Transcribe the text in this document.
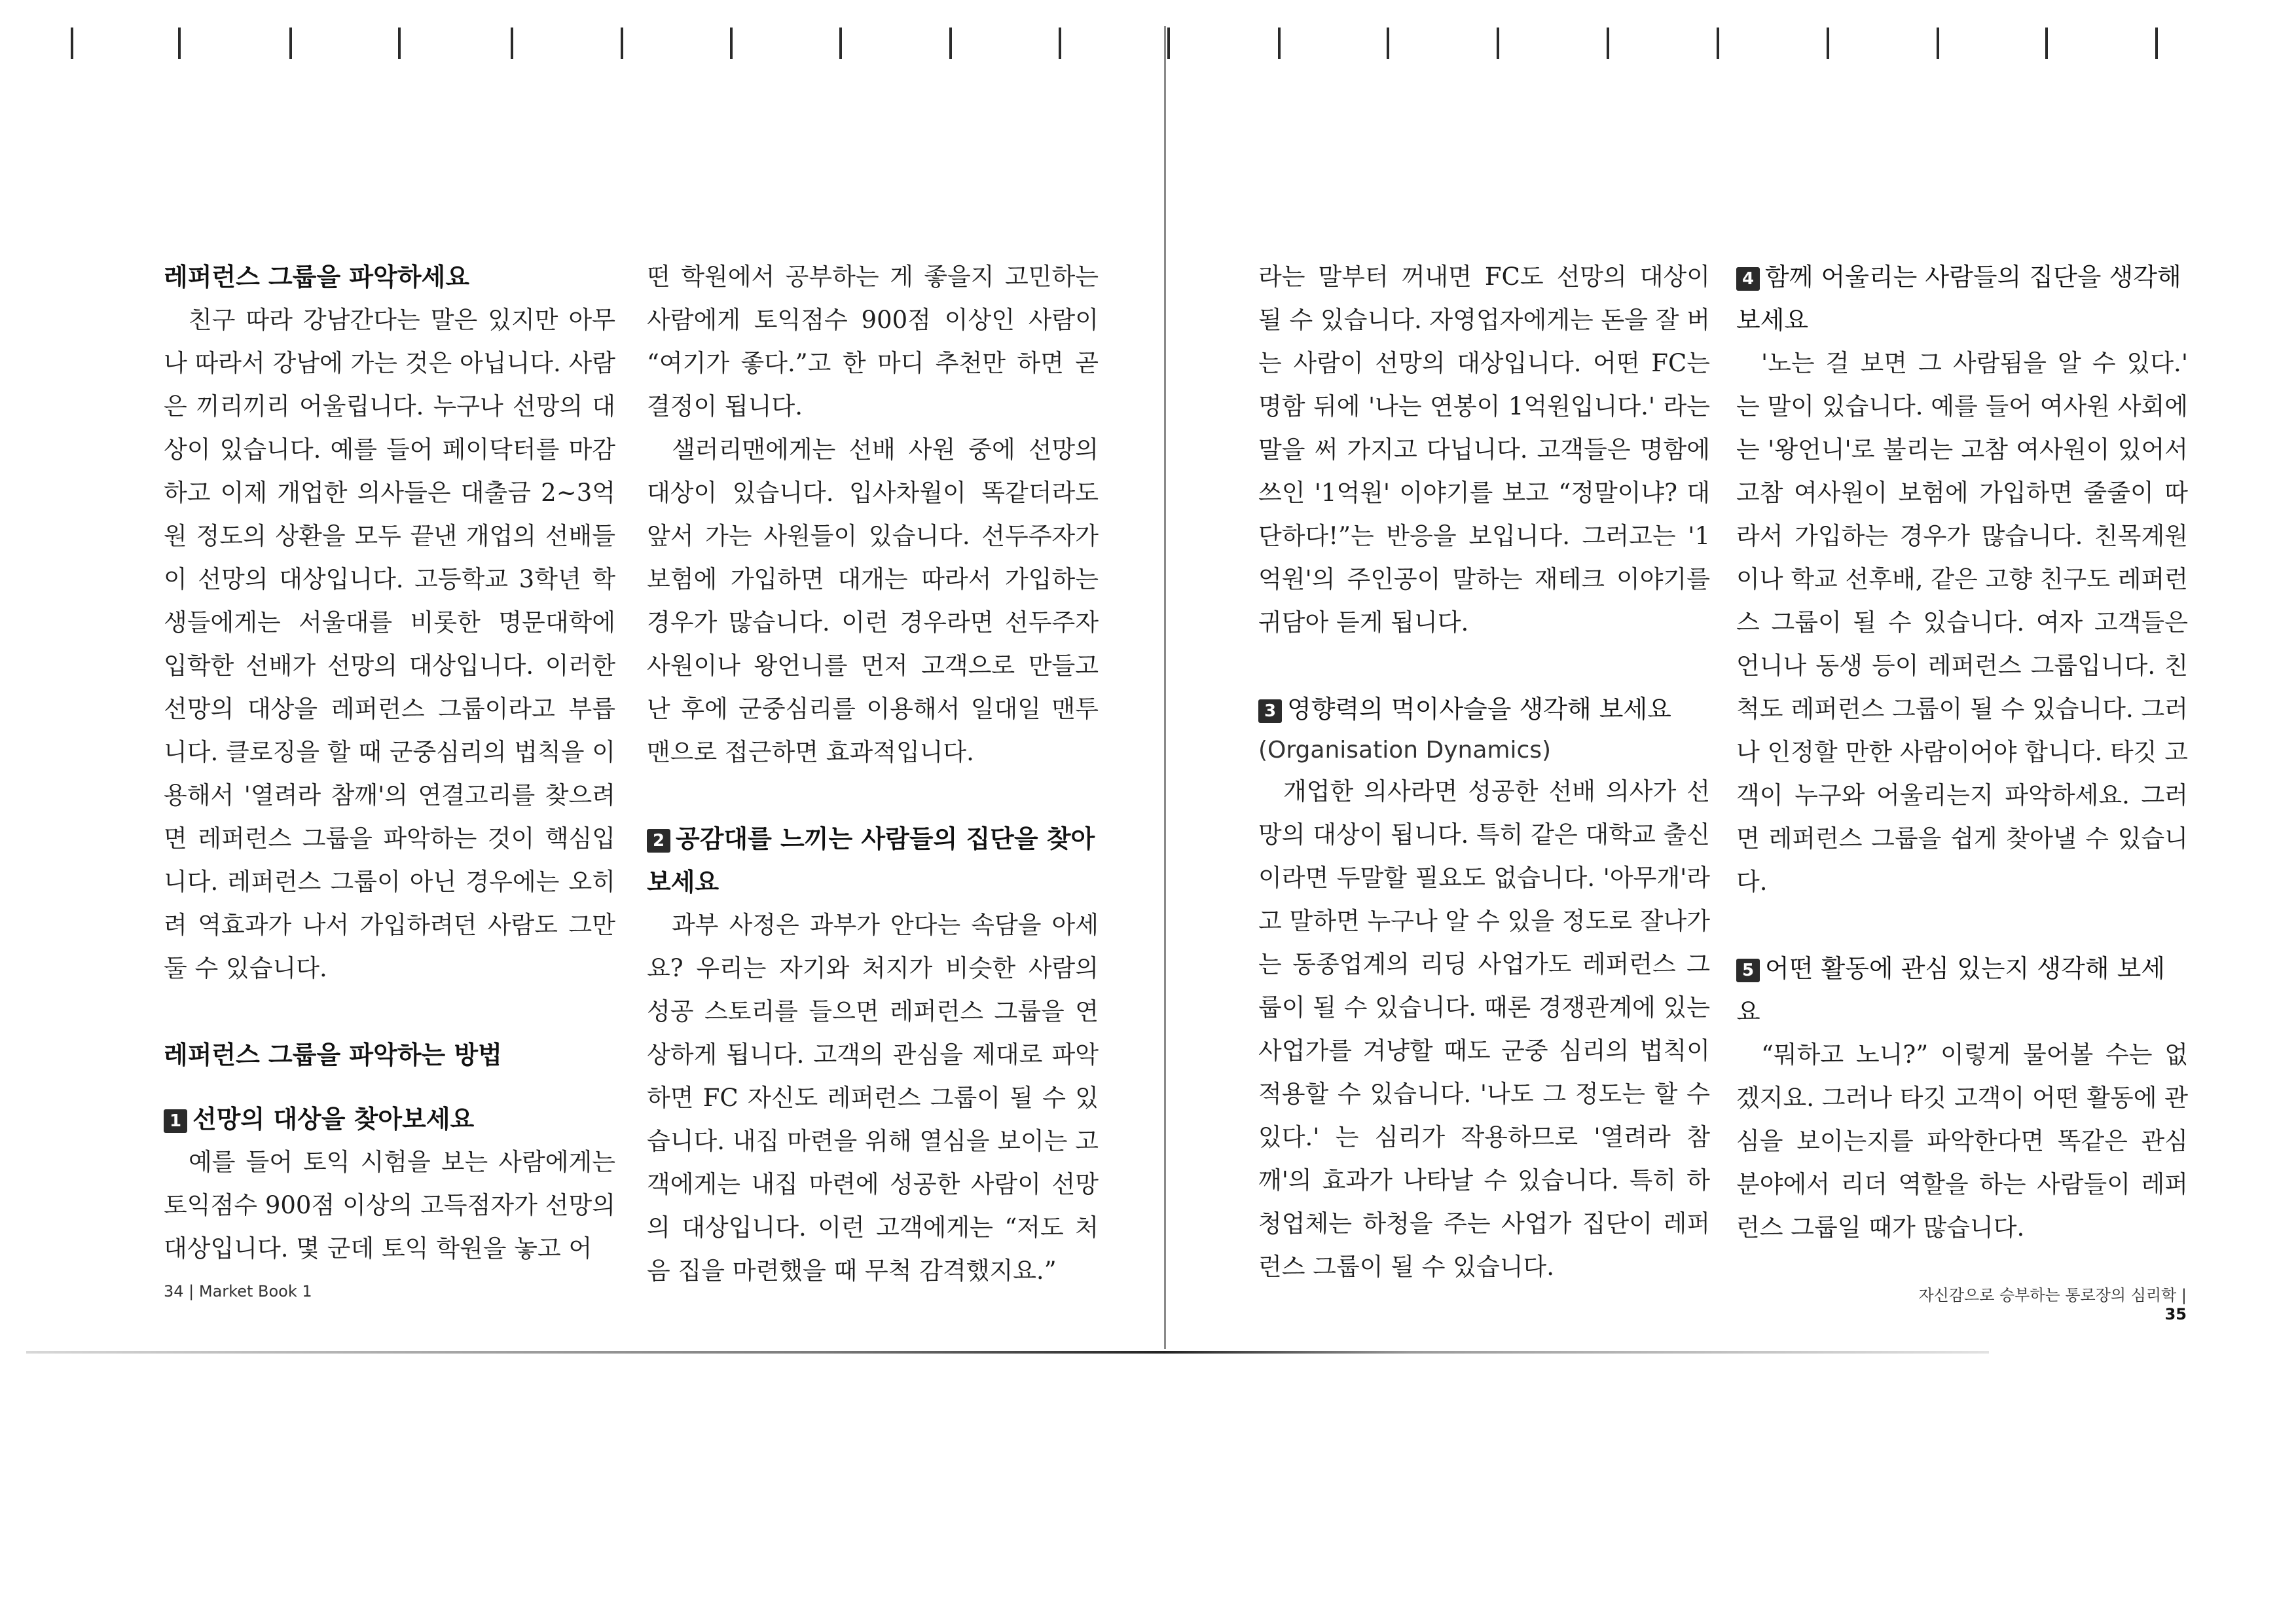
레퍼런스 그룹을 파악하세요

친구 따라 강남간다는 말은 있지만 아무나 따라서 강남에 가는 것은 아닙니다. 사람은 끼리끼리 어울립니다. 누구나 선망의 대상이 있습니다. 예를 들어 페이닥터를 마감하고 이제 개업한 의사들은 대출금 2~3억원 정도의 상환을 모두 끝낸 개업의 선배들이 선망의 대상입니다. 고등학교 3학년 학생들에게는 서울대를 비롯한 명문대학에 입학한 선배가 선망의 대상입니다. 이러한 선망의 대상을 레퍼런스 그룹이라고 부릅니다. 클로징을 할 때 군중심리의 법칙을 이용해서 '열려라 참깨'의 연결고리를 찾으려면 레퍼런스 그룹을 파악하는 것이 핵심입니다. 레퍼런스 그룹이 아닌 경우에는 오히려 역효과가 나서 가입하려던 사람도 그만 둘 수 있습니다.

레퍼런스 그룹을 파악하는 방법
1 선망의 대상을 찾아보세요

예를 들어 토익 시험을 보는 사람에게는 토익점수 900점 이상의 고득점자가 선망의 대상입니다. 몇 군데 토익 학원을 놓고 어

떤 학원에서 공부하는 게 좋을지 고민하는 사람에게 토익점수 900점 이상인 사람이 “여기가 좋다.”고 한 마디 추천만 하면 곧 결정이 됩니다.

샐러리맨에게는 선배 사원 중에 선망의 대상이 있습니다. 입사차월이 똑같더라도 앞서 가는 사원들이 있습니다. 선두주자가 보험에 가입하면 대개는 따라서 가입하는 경우가 많습니다. 이런 경우라면 선두주자 사원이나 왕언니를 먼저 고객으로 만들고 난 후에 군중심리를 이용해서 일대일 맨투맨으로 접근하면 효과적입니다.

2 공감대를 느끼는 사람들의 집단을 찾아보세요

과부 사정은 과부가 안다는 속담을 아세요? 우리는 자기와 처지가 비슷한 사람의 성공 스토리를 들으면 레퍼런스 그룹을 연상하게 됩니다. 고객의 관심을 제대로 파악하면 FC 자신도 레퍼런스 그룹이 될 수 있습니다. 내집 마련을 위해 열심을 보이는 고객에게는 내집 마련에 성공한 사람이 선망의 대상입니다. 이런 고객에게는 “저도 처음 집을 마련했을 때 무척 감격했지요.”

34 | Market Book 1

라는 말부터 꺼내면 FC도 선망의 대상이 될 수 있습니다. 자영업자에게는 돈을 잘 버는 사람이 선망의 대상입니다. 어떤 FC는 명함 뒤에 '나는 연봉이 1억원입니다.' 라는 말을 써 가지고 다닙니다. 고객들은 명함에 쓰인 '1억원' 이야기를 보고 “정말이냐? 대단하다!”는 반응을 보입니다. 그러고는 '1억원'의 주인공이 말하는 재테크 이야기를 귀담아 듣게 됩니다.

3 영향력의 먹이사슬을 생각해 보세요
(Organisation Dynamics)

개업한 의사라면 성공한 선배 의사가 선망의 대상이 됩니다. 특히 같은 대학교 출신이라면 두말할 필요도 없습니다. '아무개'라고 말하면 누구나 알 수 있을 정도로 잘나가는 동종업계의 리딩 사업가도 레퍼런스 그룹이 될 수 있습니다. 때론 경쟁관계에 있는 사업가를 겨냥할 때도 군중 심리의 법칙이 적용할 수 있습니다. '나도 그 정도는 할 수 있다.' 는 심리가 작용하므로 '열려라 참깨'의 효과가 나타날 수 있습니다. 특히 하청업체는 하청을 주는 사업가 집단이 레퍼런스 그룹이 될 수 있습니다.

4 함께 어울리는 사람들의 집단을 생각해 보세요

'노는 걸 보면 그 사람됨을 알 수 있다.' 는 말이 있습니다. 예를 들어 여사원 사회에는 '왕언니'로 불리는 고참 여사원이 있어서 고참 여사원이 보험에 가입하면 줄줄이 따라서 가입하는 경우가 많습니다. 친목계원이나 학교 선후배, 같은 고향 친구도 레퍼런스 그룹이 될 수 있습니다. 여자 고객들은 언니나 동생 등이 레퍼런스 그룹입니다. 친척도 레퍼런스 그룹이 될 수 있습니다. 그러나 인정할 만한 사람이어야 합니다. 타깃 고객이 누구와 어울리는지 파악하세요. 그러면 레퍼런스 그룹을 쉽게 찾아낼 수 있습니다.

5 어떤 활동에 관심 있는지 생각해 보세요

“뭐하고 노니?” 이렇게 물어볼 수는 없겠지요. 그러나 타깃 고객이 어떤 활동에 관심을 보이는지를 파악한다면 똑같은 관심 분야에서 리더 역할을 하는 사람들이 레퍼런스 그룹일 때가 많습니다.

자신감으로 승부하는 통로장의 심리학 | 35
